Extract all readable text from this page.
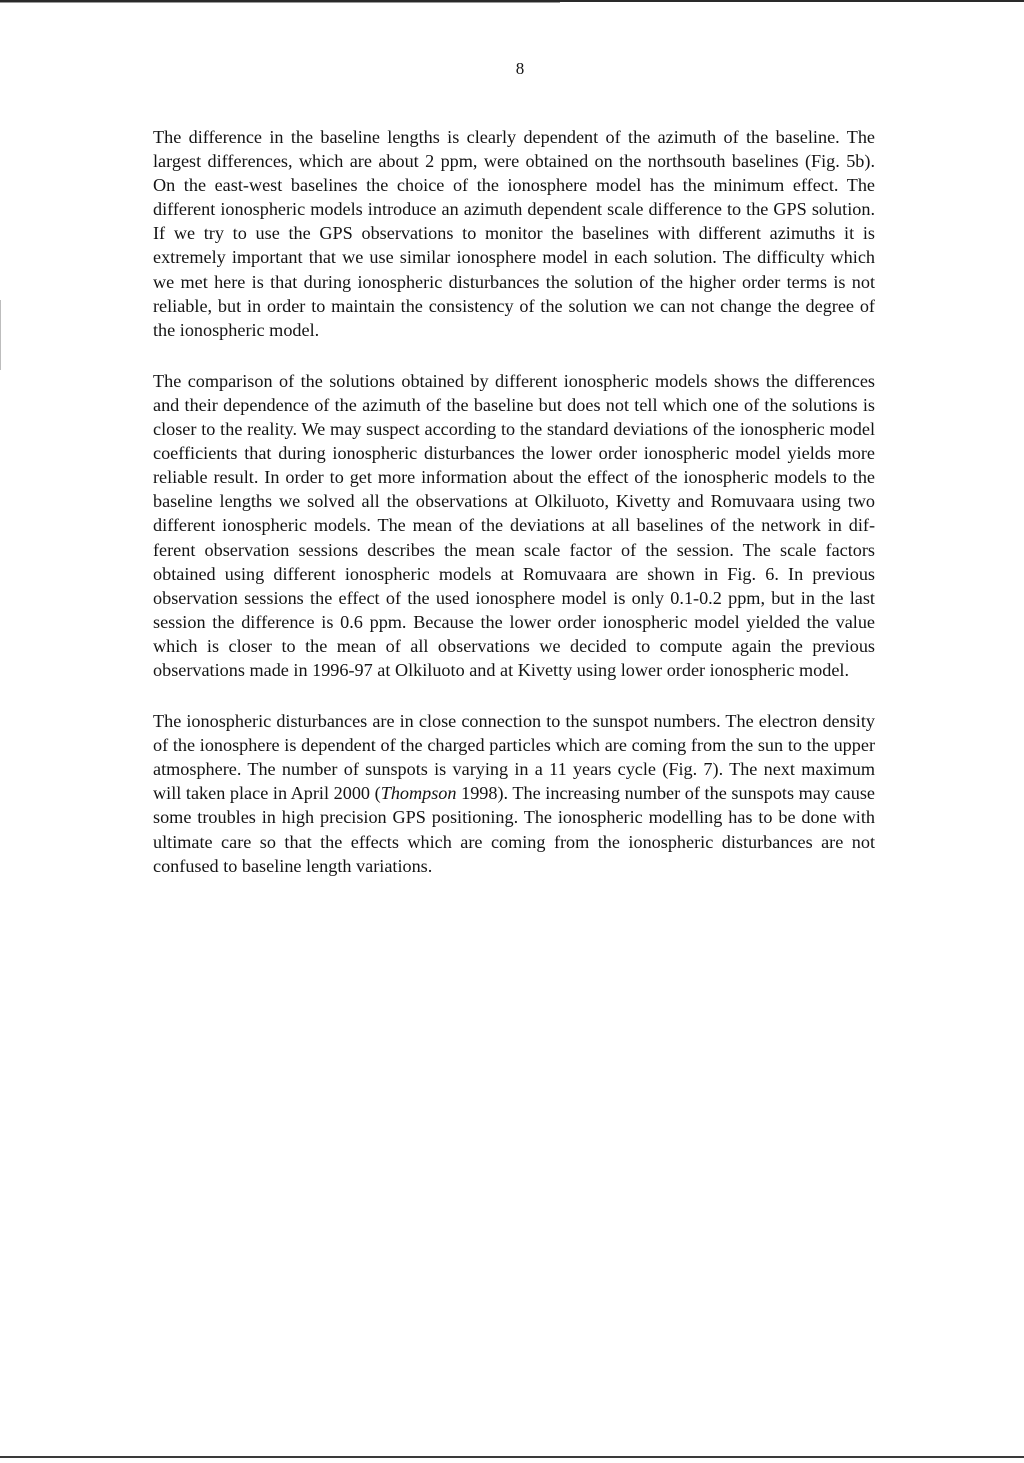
8

The difference in the baseline lengths is clearly dependent of the azimuth of the baseline. The largest differences, which are about 2 ppm, were obtained on the northsouth baselines (Fig. 5b). On the east-west baselines the choice of the ionosphere model has the minimum effect. The different ionospheric models introduce an azimuth dependent scale difference to the GPS solution. If we try to use the GPS observations to monitor the baselines with different azimuths it is extremely important that we use similar ionosphere model in each solution. The difficulty which we met here is that during ionospheric disturbances the solution of the higher order terms is not reliable, but in order to maintain the consistency of the solution we can not change the degree of the ionospheric model.

The comparison of the solutions obtained by different ionospheric models shows the differences and their dependence of the azimuth of the baseline but does not tell which one of the solutions is closer to the reality. We may suspect according to the standard deviations of the ionospheric model coefficients that during ionospheric disturbances the lower order ionospheric model yields more reliable result. In order to get more information about the effect of the ionospheric models to the baseline lengths we solved all the observations at Olkiluoto, Kivetty and Romuvaara using two different ionospheric models. The mean of the deviations at all baselines of the network in different observation sessions describes the mean scale factor of the session. The scale factors obtained using different ionospheric models at Romuvaara are shown in Fig. 6. In previous observation sessions the effect of the used ionosphere model is only 0.1-0.2 ppm, but in the last session the difference is 0.6 ppm. Because the lower order ionospheric model yielded the value which is closer to the mean of all observations we decided to compute again the previous observations made in 1996-97 at Olkiluoto and at Kivetty using lower order ionospheric model.

The ionospheric disturbances are in close connection to the sunspot numbers. The electron density of the ionosphere is dependent of the charged particles which are coming from the sun to the upper atmosphere. The number of sunspots is varying in a 11 years cycle (Fig. 7). The next maximum will taken place in April 2000 (Thompson 1998). The increasing number of the sunspots may cause some troubles in high precision GPS positioning. The ionospheric modelling has to be done with ultimate care so that the effects which are coming from the ionospheric disturbances are not confused to baseline length variations.
